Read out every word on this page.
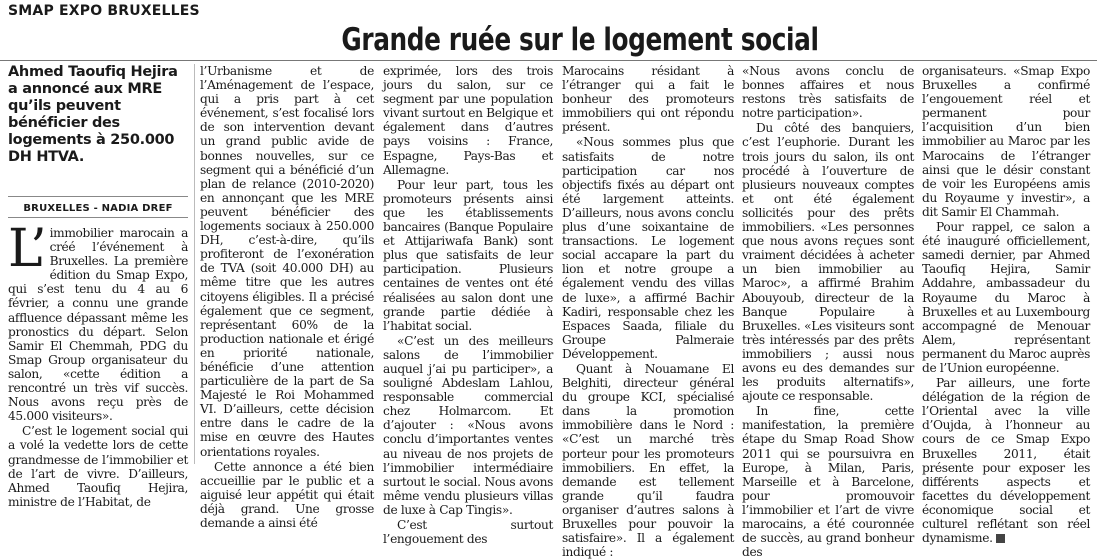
SMAP EXPO BRUXELLES
Grande ruée sur le logement social
Ahmed Taoufiq Hejira a annoncé aux MRE qu’ils peuvent bénéficier des logements à 250.000 DH HTVA.
BRUXELLES - NADIA DREF
L’ immobilier marocain a créé l’événement à Bruxelles. La première édition du Smap Expo, qui s’est tenu du 4 au 6 février, a connu une grande affluence dépassant même les pronostics du départ. Selon Samir El Chemmah, PDG du Smap Group organisateur du salon, «cette édition a rencontré un très vif succès. Nous avons reçu près de 45.000 visiteurs».

C’est le logement social qui a volé la vedette lors de cette grandmesse de l’immobilier et de l’art de vivre. D’ailleurs, Ahmed Taoufiq Hejira, ministre de l’Habitat, de

l’Urbanisme et de l’Aménagement de l’espace, qui a pris part à cet événement, s’est focalisé lors de son intervention devant un grand public avide de bonnes nouvelles, sur ce segment qui a bénéficié d’un plan de relance (2010-2020) en annonçant que les MRE peuvent bénéficier des logements sociaux à 250.000 DH, c’est-à-dire, qu’ils profiteront de l’exonération de TVA (soit 40.000 DH) au même titre que les autres citoyens éligibles. Il a précisé également que ce segment, représentant 60% de la production nationale et érigé en priorité nationale, bénéficie d’une attention particulière de la part de Sa Majesté le Roi Mohammed VI. D’ailleurs, cette décision entre dans le cadre de la mise en œuvre des Hautes orientations royales.

Cette annonce a été bien accueillie par le public et a aiguisé leur appétit qui était déjà grand. Une grosse demande a ainsi été

exprimée, lors des trois jours du salon, sur ce segment par une population vivant surtout en Belgique et également dans d’autres pays voisins : France, Espagne, Pays-Bas et Allemagne.

Pour leur part, tous les promoteurs présents ainsi que les établissements bancaires (Banque Populaire et Attijariwafa Bank) sont plus que satisfaits de leur participation. Plusieurs centaines de ventes ont été réalisées au salon dont une grande partie dédiée à l’habitat social.

«C’est un des meilleurs salons de l’immobilier auquel j’ai pu participer», a souligné Abdeslam Lahlou, responsable commercial chez Holmarcom. Et d’ajouter : «Nous avons conclu d’importantes ventes au niveau de nos projets de l’immobilier intermédiaire surtout le social. Nous avons même vendu plusieurs villas de luxe à Cap Tingis».

C’est surtout l’engouement des

Marocains résidant à l’étranger qui a fait le bonheur des promoteurs immobiliers qui ont répondu présent.

«Nous sommes plus que satisfaits de notre participation car nos objectifs fixés au départ ont été largement atteints. D’ailleurs, nous avons conclu plus d’une soixantaine de transactions. Le logement social accapare la part du lion et notre groupe a également vendu des villas de luxe», a affirmé Bachir Kadiri, responsable chez les Espaces Saada, filiale du Groupe Palmeraie Développement.

Quant à Nouamane El Belghiti, directeur général du groupe KCI, spécialisé dans la promotion immobilière dans le Nord : «C’est un marché très porteur pour les promoteurs immobiliers. En effet, la demande est tellement grande qu’il faudra organiser d’autres salons à Bruxelles pour pouvoir la satisfaire». Il a également indiqué :

«Nous avons conclu de bonnes affaires et nous restons très satisfaits de notre participation».

Du côté des banquiers, c’est l’euphorie. Durant les trois jours du salon, ils ont procédé à l’ouverture de plusieurs nouveaux comptes et ont été également sollicités pour des prêts immobiliers. «Les personnes que nous avons reçues sont vraiment décidées à acheter un bien immobilier au Maroc», a affirmé Brahim Abouyoub, directeur de la Banque Populaire à Bruxelles. «Les visiteurs sont très intéressés par des prêts immobiliers ; aussi nous avons eu des demandes sur les produits alternatifs», ajoute ce responsable.

In fine, cette manifestation, la première étape du Smap Road Show 2011 qui se poursuivra en Europe, à Milan, Paris, Marseille et à Barcelone, pour promouvoir l’immobilier et l’art de vivre marocains, a été couronnée de succès, au grand bonheur des

organisateurs. «Smap Expo Bruxelles a confirmé l’engouement réel et permanent pour l’acquisition d’un bien immobilier au Maroc par les Marocains de l’étranger ainsi que le désir constant de voir les Européens amis du Royaume y investir», a dit Samir El Chammah.

Pour rappel, ce salon a été inauguré officiellement, samedi dernier, par Ahmed Taoufiq Hejira, Samir Addahre, ambassadeur du Royaume du Maroc à Bruxelles et au Luxembourg accompagné de Menouar Alem, représentant permanent du Maroc auprès de l’Union européenne.

Par ailleurs, une forte délégation de la région de l’Oriental avec la ville d’Oujda, à l’honneur au cours de ce Smap Expo Bruxelles 2011, était présente pour exposer les différents aspects et facettes du développement économique social et culturel reflétant son réel dynamisme.
